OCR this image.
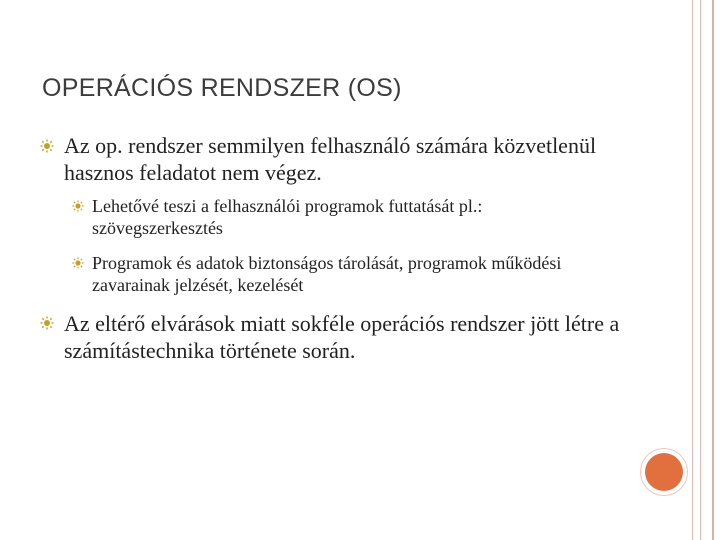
OPERÁCIÓS RENDSZER (OS)
Az op. rendszer semmilyen felhasználó számára közvetlenül hasznos feladatot nem végez.
Lehetővé teszi a felhasználói programok futtatását pl.: szövegszerkesztés
Programok és adatok biztonságos tárolását, programok működési zavarainak jelzését, kezelését
Az eltérő elvárások miatt sokféle operációs rendszer jött létre a számítástechnika története során.
